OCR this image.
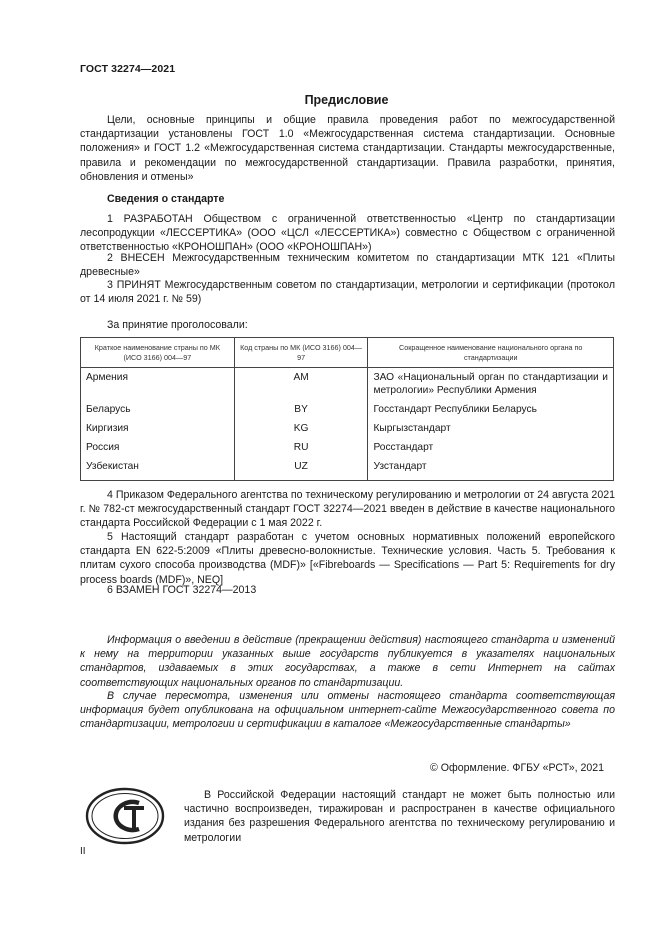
ГОСТ 32274—2021
Предисловие
Цели, основные принципы и общие правила проведения работ по межгосударственной стандартизации установлены ГОСТ 1.0 «Межгосударственная система стандартизации. Основные положения» и ГОСТ 1.2 «Межгосударственная система стандартизации. Стандарты межгосударственные, правила и рекомендации по межгосударственной стандартизации. Правила разработки, принятия, обновления и отмены»
Сведения о стандарте
1 РАЗРАБОТАН Обществом с ограниченной ответственностью «Центр по стандартизации лесопродукции «ЛЕССЕРТИКА» (ООО «ЦСЛ «ЛЕССЕРТИКА») совместно с Обществом с ограниченной ответственностью «КРОНОШПАН» (ООО «КРОНОШПАН»)
2 ВНЕСЕН Межгосударственным техническим комитетом по стандартизации МТК 121 «Плиты древесные»
3 ПРИНЯТ Межгосударственным советом по стандартизации, метрологии и сертификации (протокол от 14 июля 2021 г. № 59)
За принятие проголосовали:
Краткое наименование страны по МК (ИСО 3166) 004—97	Код страны по МК (ИСО 3166) 004—97	Сокращенное наименование национального органа по стандартизации
Армения	AM	ЗАО «Национальный орган по стандартизации и метрологии» Республики Армения
Беларусь	BY	Госстандарт Республики Беларусь
Киргизия	KG	Кыргызстандарт
Россия	RU	Росстандарт
Узбекистан	UZ	Узстандарт
4 Приказом Федерального агентства по техническому регулированию и метрологии от 24 августа 2021 г. № 782-ст межгосударственный стандарт ГОСТ 32274—2021 введен в действие в качестве национального стандарта Российской Федерации с 1 мая 2022 г.
5 Настоящий стандарт разработан с учетом основных нормативных положений европейского стандарта EN 622-5:2009 «Плиты древесно-волокнистые. Технические условия. Часть 5. Требования к плитам сухого способа производства (MDF)» [«Fibreboards — Specifications — Part 5: Requirements for dry process boards (MDF)», NEQ]
6 ВЗАМЕН ГОСТ 32274—2013
Информация о введении в действие (прекращении действия) настоящего стандарта и изменений к нему на территории указанных выше государств публикуется в указателях национальных стандартов, издаваемых в этих государствах, а также в сети Интернет на сайтах соответствующих национальных органов по стандартизации.
В случае пересмотра, изменения или отмены настоящего стандарта соответствующая информация будет опубликована на официальном интернет-сайте Межгосударственного совета по стандартизации, метрологии и сертификации в каталоге «Межгосударственные стандарты»
© Оформление. ФГБУ «РСТ», 2021
В Российской Федерации настоящий стандарт не может быть полностью или частично воспроизведен, тиражирован и распространен в качестве официального издания без разрешения Федерального агентства по техническому регулированию и метрологии
II
